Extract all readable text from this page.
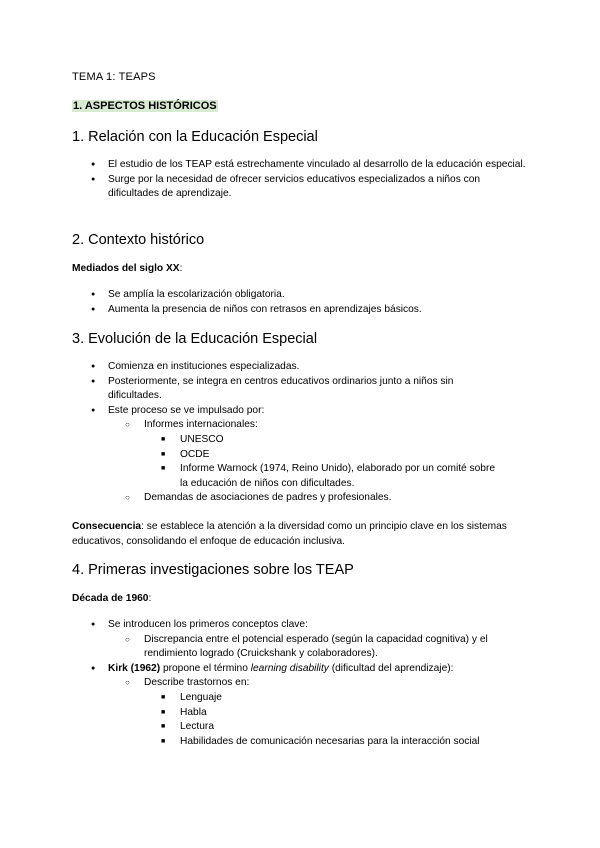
TEMA 1: TEAPS

1. ASPECTOS HISTÓRICOS

1. Relación con la Educación Especial
● El estudio de los TEAP está estrechamente vinculado al desarrollo de la educación especial.
● Surge por la necesidad de ofrecer servicios educativos especializados a niños con dificultades de aprendizaje.
2. Contexto histórico

Mediados del siglo XX:

● Se amplía la escolarización obligatoria.
● Aumenta la presencia de niños con retrasos en aprendizajes básicos.
3. Evolución de la Educación Especial
● Comienza en instituciones especializadas.
● Posteriormente, se integra en centros educativos ordinarios junto a niños sin dificultades.
● Este proceso se ve impulsado por:
○ Informes internacionales:
■ UNESCO
■ OCDE
■ Informe Warnock (1974, Reino Unido), elaborado por un comité sobre la educación de niños con dificultades.
○ Demandas de asociaciones de padres y profesionales.

Consecuencia: se establece la atención a la diversidad como un principio clave en los sistemas educativos, consolidando el enfoque de educación inclusiva.

4. Primeras investigaciones sobre los TEAP

Década de 1960:

● Se introducen los primeros conceptos clave:
○ Discrepancia entre el potencial esperado (según la capacidad cognitiva) y el rendimiento logrado (Cruickshank y colaboradores).
● Kirk (1962) propone el término learning disability (dificultad del aprendizaje):
○ Describe trastornos en:
■ Lenguaje
■ Habla
■ Lectura
■ Habilidades de comunicación necesarias para la interacción social
